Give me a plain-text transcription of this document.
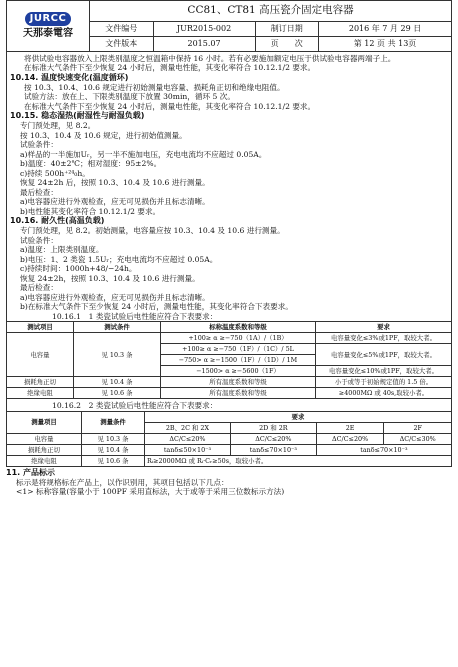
JURCC
天那泰電容	CC81、CT81 高压瓷介固定电容器			
	文件编号	JUR2015-002	制订日期	2016 年 7 月 29 日
	文件版本	2015.07	页　　次	第 12 页 共 13页

将供试验电容器放入上限类别温度之恒温箱中保持 16 小时。若有必要施加额定电压于供试验电容器两端子上。

在标准大气条件下至少恢复 24 小时后，测量电性能，其变化率符合 10.12.1/2 要求。

10.14. 温度快速变化(温度循环)

按 10.3、10.4、10.6 规定进行初始测量电容量、损耗角正切和绝缘电阻值。

试验方法：放在上、下限类别温度下放置 30min，循环 5 次。

在标准大气条件下至少恢复 24 小时后，测量电性能，其变化率符合 10.12.1/2 要求。

10.15. 稳态湿热(耐湿性与耐湿负载)

专门预处理，见 8.2。

按 10.3、10.4 及 10.6 规定，进行初始值测量。

试验条件：

a)样品的一半施加Uᵣ，另一半不施加电压，充电电流均不应超过 0.05A。

b)温度：40±2℃；相对湿度：95±2%。

c)持续 500h⁺²⁴₀h。

恢复 24±2h 后，按照 10.3、10.4 及 10.6 进行测量。

最后检查：

a)电容器应进行外观检查，应无可见损伤并且标志清晰。

b)电性能其变化率符合 10.12.1/2 要求。

10.16. 耐久性(高温负载)

专门预处理，见 8.2。初始测量，电容量应按 10.3、10.4 及 10.6 进行测量。

试验条件：

a)温度：上限类别温度。

b)电压：1、2 类瓷 1.5Uᵣ；充电电流均不应超过 0.05A。

c)持续时间：1000h+48/−24h。

恢复 24±2h，按照 10.3、10.4 及 10.6 进行测量。

最后检查：

a)电容器应进行外观检查，应无可见损伤并且标志清晰。

b)在标准大气条件下至少恢复 24 小时后，测量电性能，其变化率符合下表要求。

10.16.1　1 类瓷试验后电性能应符合下表要求：

测试项目	测试条件	标称温度系数和等级	要求
电容量	见 10.3 条	+100≥ α ≥−750（1A）/（1B）	电容量变化≤3%或1PF，取较大者。
		+100≥ α ≥−750（1F）/（1C）/ 5L	电容量变化≤5%或1PF，取较大者。
		−750> α ≥−1500（1F）/（1D）/ 1M	
		−1500> α ≥−5600（1F）	电容量变化≤10%或1PF，取较大者。
损耗角正切	见 10.4 条	所有温度系数和等级	小于或等于初始规定值的 1.5 倍。
绝缘电阻	见 10.6 条	所有温度系数和等级	≥4000MΩ 或 40s,取较小者。

10.16.2　2 类瓷试验后电性能应符合下表要求：

测量项目	测量条件	要求			
		2B、2C 和 2X	2D 和 2R	2E	2F
电容量	见 10.3 条	ΔC/C≤20%	ΔC/C≤20%	ΔC/C≤20%	ΔC/C≤30%
损耗角正切	见 10.4 条	tanδ≤50×10⁻³	tanδ≤70×10⁻³	tanδ≤70×10⁻³	
绝缘电阻	见 10.6 条	Rᵢ≥2000MΩ 或 Rᵢ·Cᵣ≥50s，取较小者。			

11. 产品标示

标示是将规格标在产品上，以作识别用，其项目包括以下几点：

<1> 标称容量(容量小于 100PF 采用直标法，大于或等于采用三位数标示方法)
